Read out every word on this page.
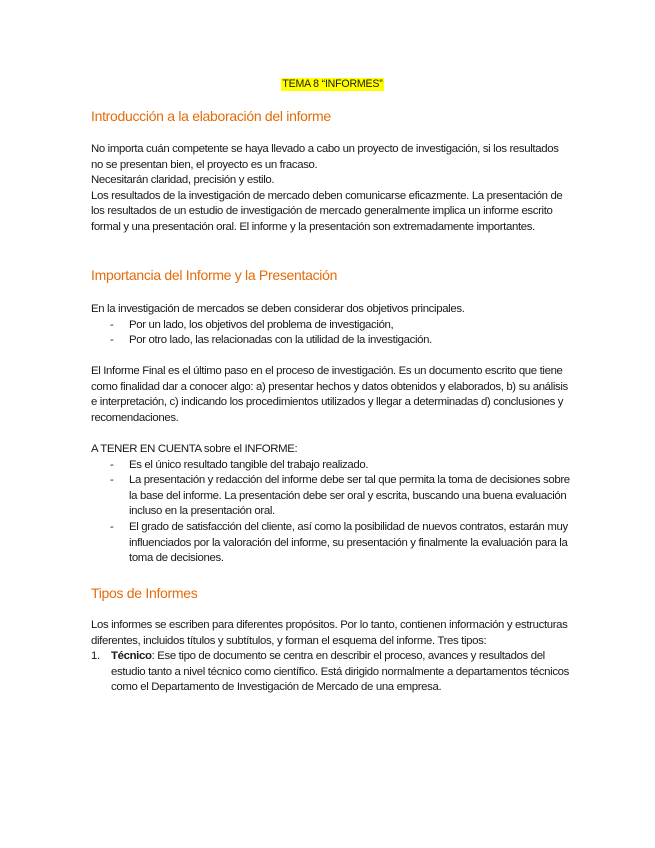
TEMA 8 “INFORMES”
Introducción a la elaboración del informe

No importa cuán competente se haya llevado a cabo un proyecto de investigación, si los resultados no se presentan bien, el proyecto es un fracaso.

Necesitarán claridad, precisión y estilo.

Los resultados de la investigación de mercado deben comunicarse eficazmente. La presentación de los resultados de un estudio de investigación de mercado generalmente implica un informe escrito formal y una presentación oral. El informe y la presentación son extremadamente importantes.

Importancia del Informe y la Presentación

En la investigación de mercados se deben considerar dos objetivos principales.

- Por un lado, los objetivos del problema de investigación,
- Por otro lado, las relacionadas con la utilidad de la investigación.

El Informe Final es el último paso en el proceso de investigación. Es un documento escrito que tiene como finalidad dar a conocer algo: a) presentar hechos y datos obtenidos y elaborados, b) su análisis e interpretación, c) indicando los procedimientos utilizados y llegar a determinadas d) conclusiones y recomendaciones.

A TENER EN CUENTA sobre el INFORME:

- Es el único resultado tangible del trabajo realizado.
- La presentación y redacción del informe debe ser tal que permita la toma de decisiones sobre la base del informe. La presentación debe ser oral y escrita, buscando una buena evaluación incluso en la presentación oral.
- El grado de satisfacción del cliente, así como la posibilidad de nuevos contratos, estarán muy influenciados por la valoración del informe, su presentación y finalmente la evaluación para la toma de decisiones.
Tipos de Informes

Los informes se escriben para diferentes propósitos. Por lo tanto, contienen información y estructuras diferentes, incluidos títulos y subtítulos, y forman el esquema del informe. Tres tipos:

1. Técnico: Ese tipo de documento se centra en describir el proceso, avances y resultados del estudio tanto a nivel técnico como científico. Está dirigido normalmente a departamentos técnicos como el Departamento de Investigación de Mercado de una empresa.
